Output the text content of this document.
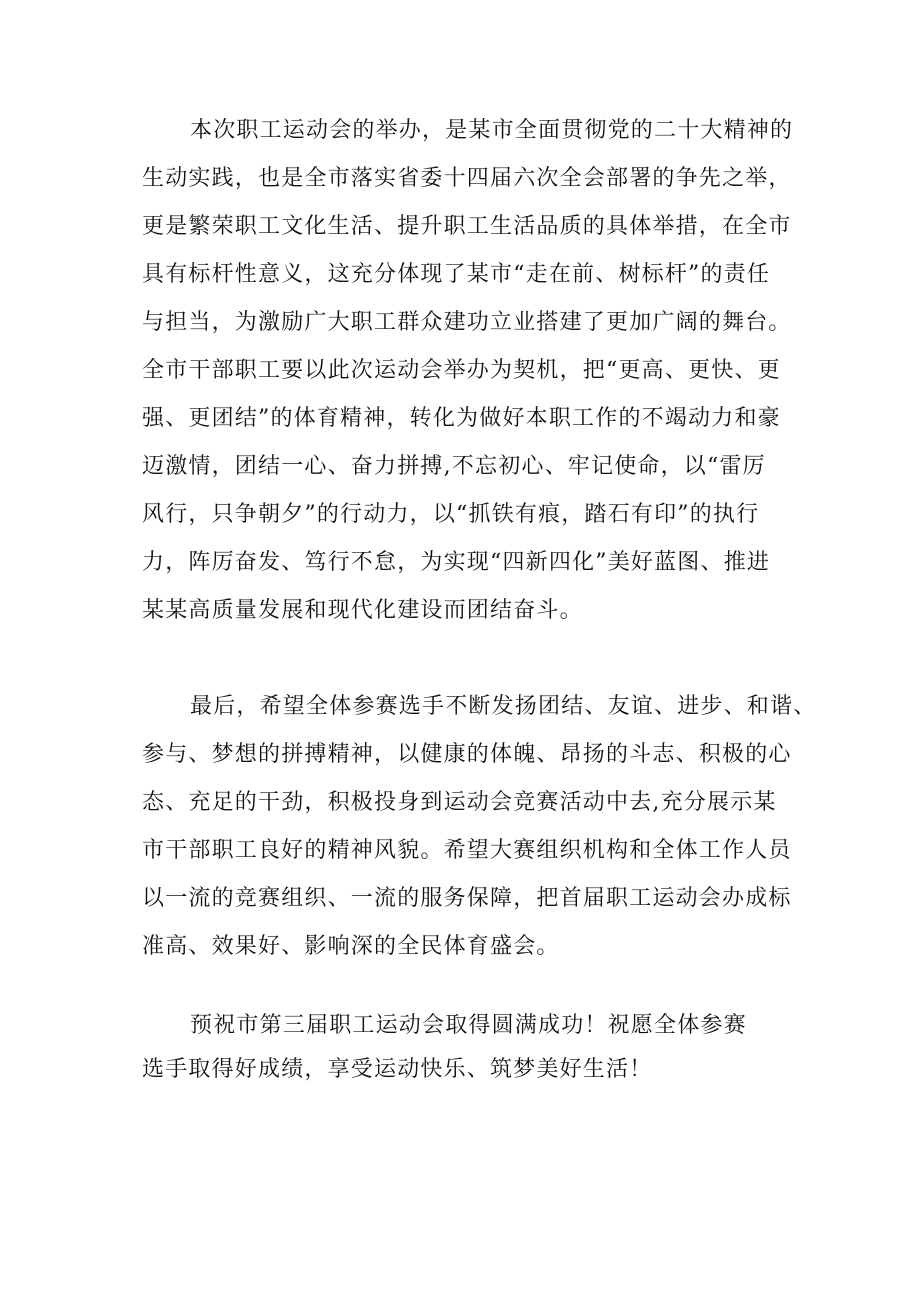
本次职工运动会的举办，是某市全面贯彻党的二十大精神的
生动实践，也是全市落实省委十四届六次全会部署的争先之举，
更是繁荣职工文化生活、提升职工生活品质的具体举措，在全市
具有标杆性意义，这充分体现了某市“走在前、树标杆”的责任
与担当，为激励广大职工群众建功立业搭建了更加广阔的舞台。
全市干部职工要以此次运动会举办为契机，把“更高、更快、更
强、更团结”的体育精神，转化为做好本职工作的不竭动力和豪
迈激情，团结一心、奋力拼搏,不忘初心、牢记使命，以“雷厉
风行，只争朝夕”的行动力，以“抓铁有痕，踏石有印”的执行
力，阵厉奋发、笃行不怠，为实现“四新四化”美好蓝图、推进
某某高质量发展和现代化建设而团结奋斗。
最后，希望全体参赛选手不断发扬团结、友谊、进步、和谐、
参与、梦想的拼搏精神，以健康的体魄、昂扬的斗志、积极的心
态、充足的干劲，积极投身到运动会竞赛活动中去,充分展示某
市干部职工良好的精神风貌。希望大赛组织机构和全体工作人员
以一流的竞赛组织、一流的服务保障，把首届职工运动会办成标
准高、效果好、影响深的全民体育盛会。
预祝市第三届职工运动会取得圆满成功！祝愿全体参赛
选手取得好成绩，享受运动快乐、筑梦美好生活！
